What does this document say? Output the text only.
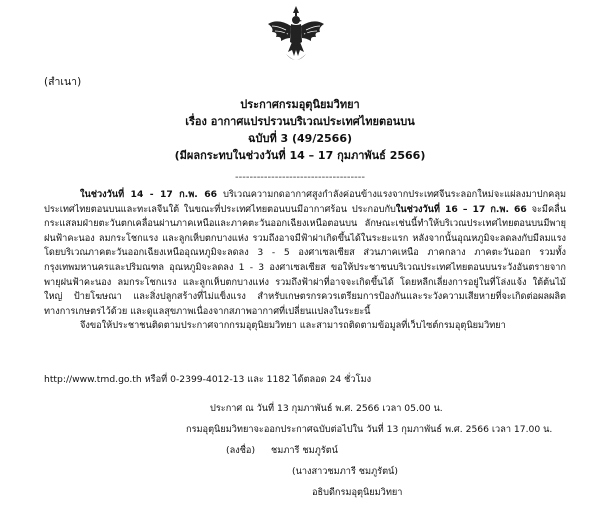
(สำเนา)
ประกาศกรมอุตุนิยมวิทยา
เรื่อง อากาศแปรปรวนบริเวณประเทศไทยตอนบน
ฉบับที่ 3 (49/2566)
(มีผลกระทบในช่วงวันที่ 14 – 17 กุมภาพันธ์ 2566)
------------------------------------

ในช่วงวันที่ 14 - 17 ก.พ. 66 บริเวณความกดอากาศสูงกำลังค่อนข้างแรงจากประเทศจีนระลอกใหม่จะแผ่ลงมาปกคลุมประเทศไทยตอนบนและทะเลจีนใต้ ในขณะที่ประเทศไทยตอนบนมีอากาศร้อน ประกอบกับในช่วงวันที่ 16 – 17 ก.พ. 66 จะมีคลื่นกระแสลมฝ่ายตะวันตกเคลื่อนผ่านภาคเหนือและภาคตะวันออกเฉียงเหนือตอนบน ลักษณะเช่นนี้ทำให้บริเวณประเทศไทยตอนบนมีพายุฝนฟ้าคะนอง ลมกระโชกแรง และลูกเห็บตกบางแห่ง รวมถึงอาจมีฟ้าผ่าเกิดขึ้นได้ในระยะแรก หลังจากนั้นอุณหภูมิจะลดลงกับมีลมแรง โดยบริเวณภาคตะวันออกเฉียงเหนืออุณหภูมิจะลดลง 3 - 5 องศาเซลเซียส ส่วนภาคเหนือ ภาคกลาง ภาคตะวันออก รวมทั้งกรุงเทพมหานครและปริมณฑล อุณหภูมิจะลดลง 1 - 3 องศาเซลเซียส ขอให้ประชาชนบริเวณประเทศไทยตอนบนระวังอันตรายจากพายุฝนฟ้าคะนอง ลมกระโชกแรง และลูกเห็บตกบางแห่ง รวมถึงฟ้าผ่าที่อาจจะเกิดขึ้นได้ โดยหลีกเลี่ยงการอยู่ในที่โล่งแจ้ง ใต้ต้นไม้ใหญ่ ป้ายโฆษณา และสิ่งปลูกสร้างที่ไม่แข็งแรง สำหรับเกษตรกรควรเตรียมการป้องกันและระวังความเสียหายที่จะเกิดต่อผลผลิตทางการเกษตรไว้ด้วย และดูแลสุขภาพเนื่องจากสภาพอากาศที่เปลี่ยนแปลงในระยะนี้

จึงขอให้ประชาชนติดตามประกาศจากกรมอุตุนิยมวิทยา และสามารถติดตามข้อมูลที่เว็บไซต์กรมอุตุนิยมวิทยา

http://www.tmd.go.th หรือที่ 0-2399-4012-13 และ 1182 ได้ตลอด 24 ชั่วโมง
ประกาศ ณ วันที่ 13 กุมภาพันธ์ พ.ศ. 2566 เวลา 05.00 น.
กรมอุตุนิยมวิทยาจะออกประกาศฉบับต่อไปใน วันที่ 13 กุมภาพันธ์ พ.ศ. 2566 เวลา 17.00 น.
(ลงชื่อ) ชมภารี ชมภูรัตน์
(นางสาวชมภารี ชมภูรัตน์)
อธิบดีกรมอุตุนิยมวิทยา
